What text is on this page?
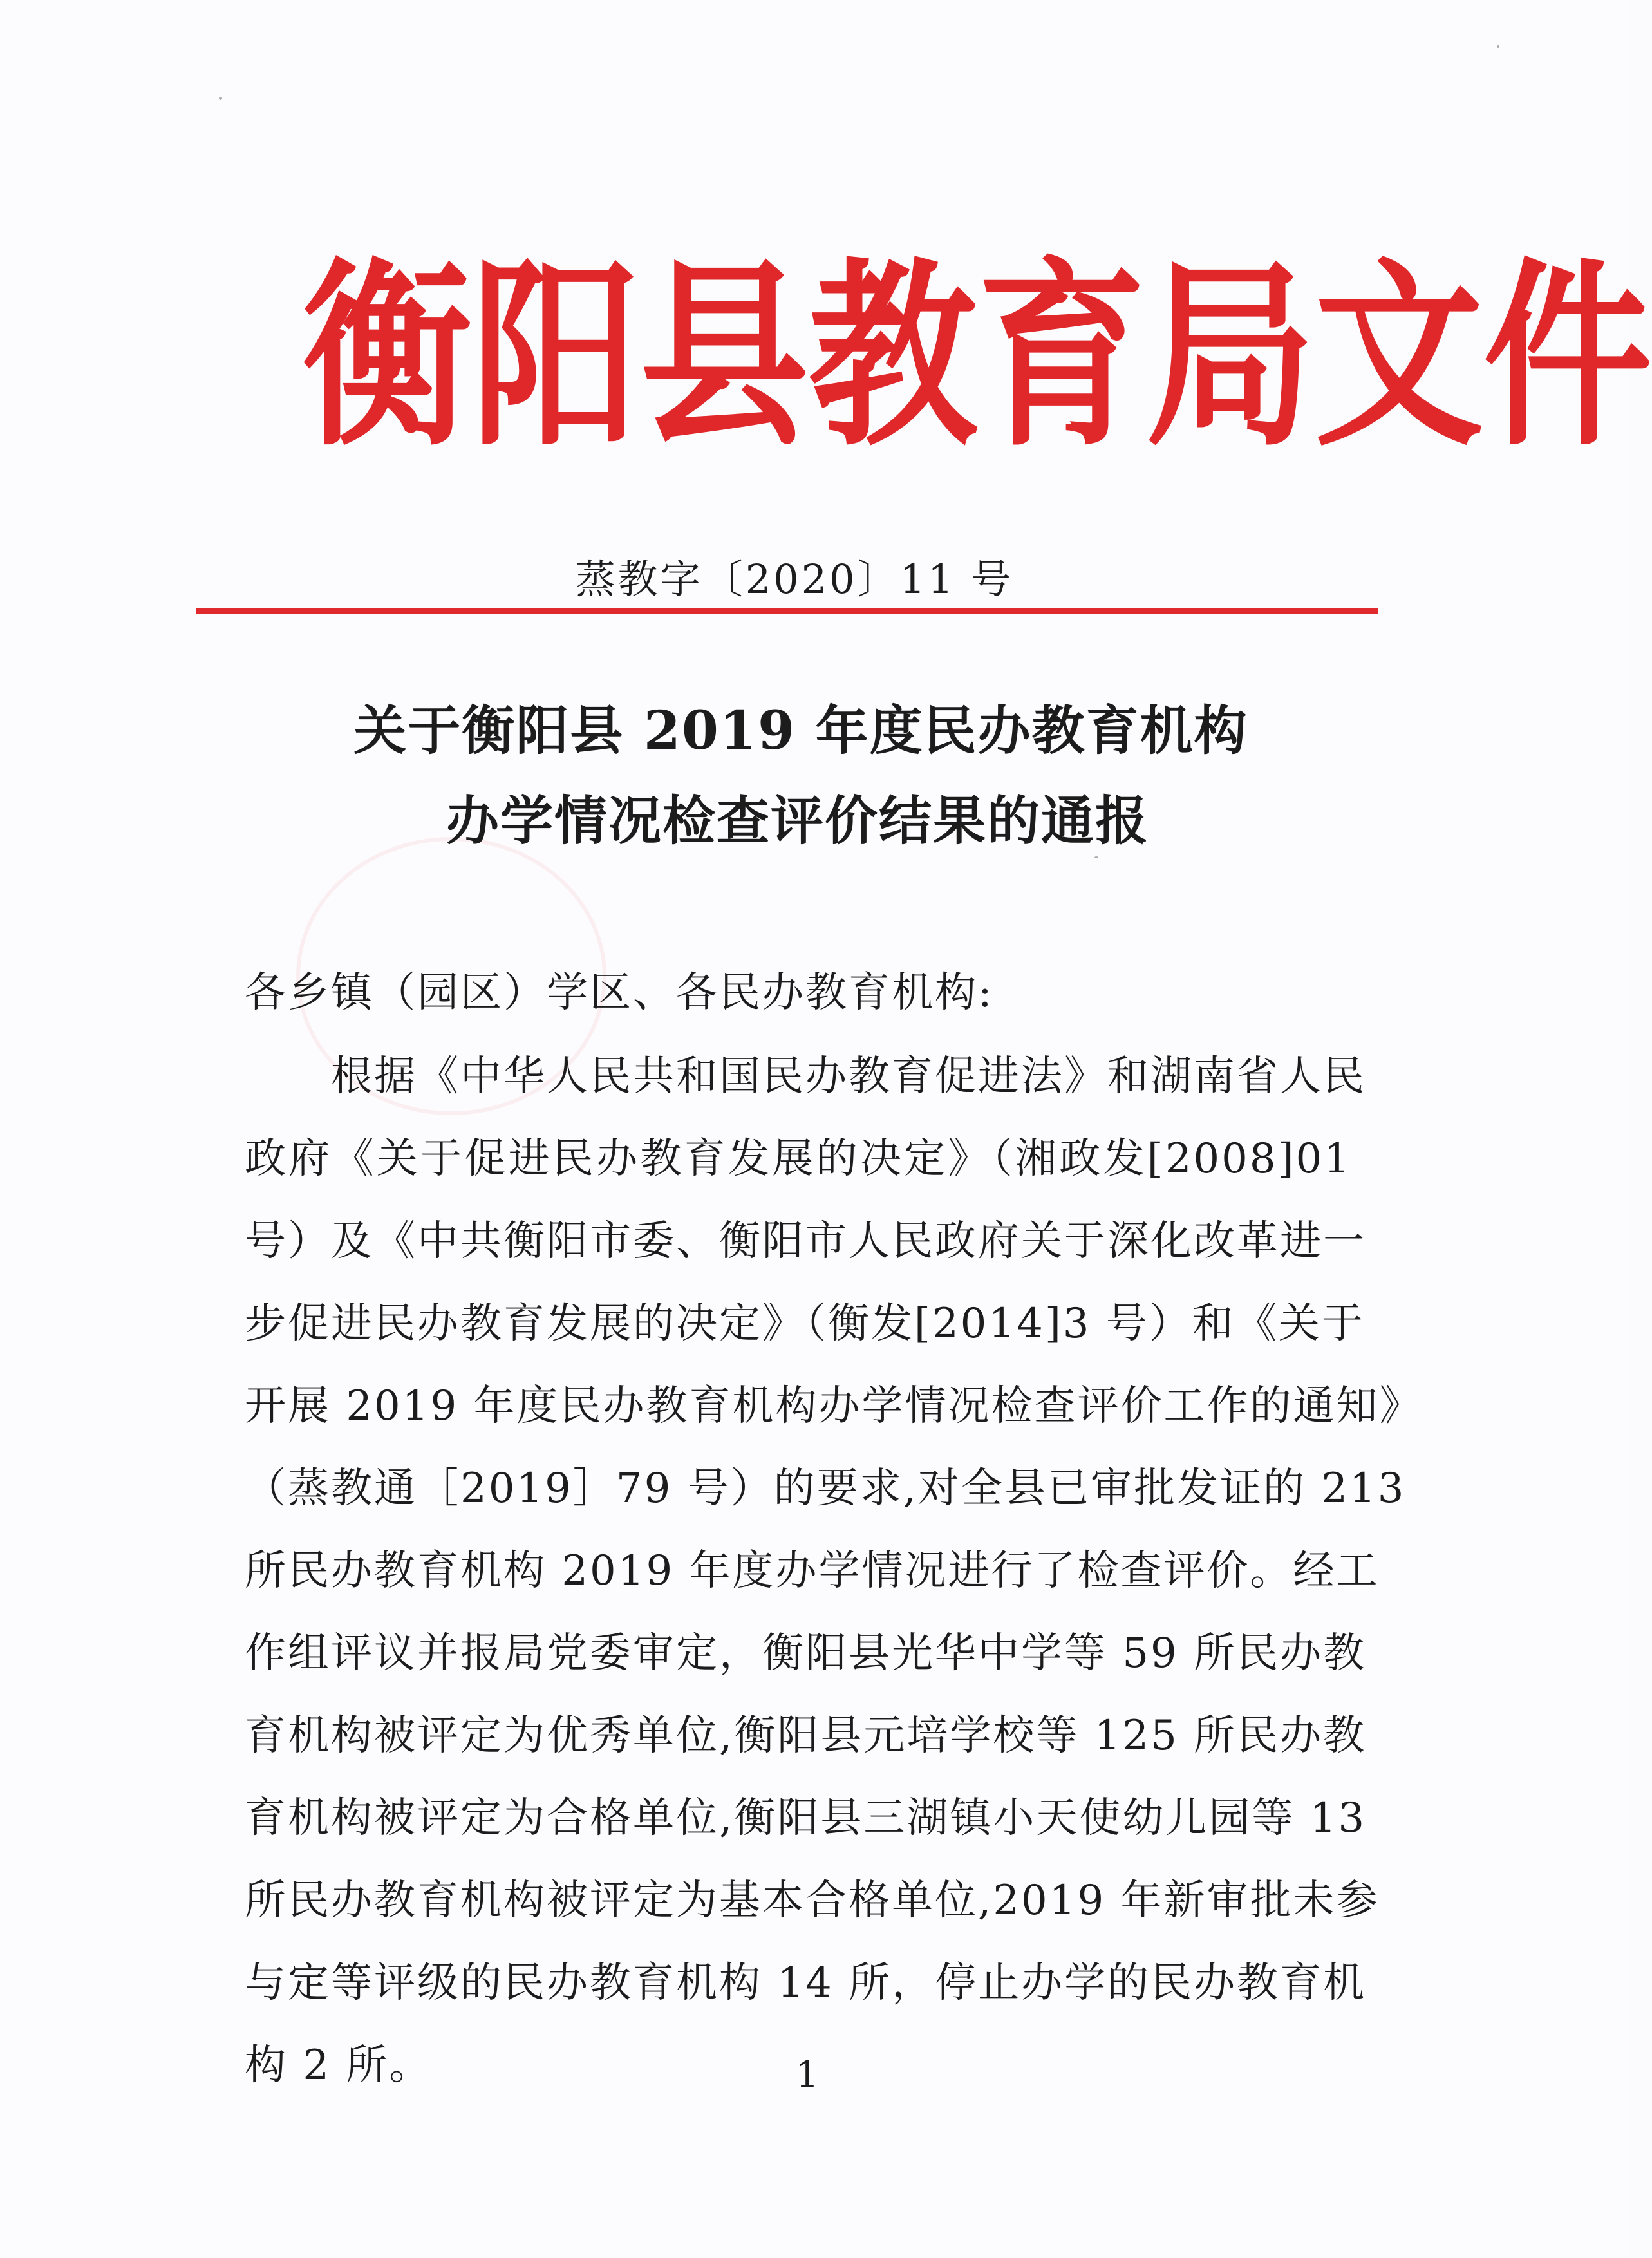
衡 阳 县 教 育 局 文 件
蒸教字〔2020〕11 号
关于衡阳县 2019 年度民办教育机构
办学情况检查评价结果的通报
各乡镇（园区）学区、各民办教育机构:
　　根据《中华人民共和国民办教育促进法》和湖南省人民
政府《关于促进民办教育发展的决定》（湘政发[2008]01
号）及《中共衡阳市委、衡阳市人民政府关于深化改革进一
步促进民办教育发展的决定》（衡发[2014]3 号）和《关于
开展 2019 年度民办教育机构办学情况检查评价工作的通知》
（蒸教通［2019］79 号）的要求,对全县已审批发证的 213
所民办教育机构 2019 年度办学情况进行了检查评价。经工
作组评议并报局党委审定，衡阳县光华中学等 59 所民办教
育机构被评定为优秀单位,衡阳县元培学校等 125 所民办教
育机构被评定为合格单位,衡阳县三湖镇小天使幼儿园等 13
所民办教育机构被评定为基本合格单位,2019 年新审批未参
与定等评级的民办教育机构 14 所，停止办学的民办教育机
构 2 所。	1
